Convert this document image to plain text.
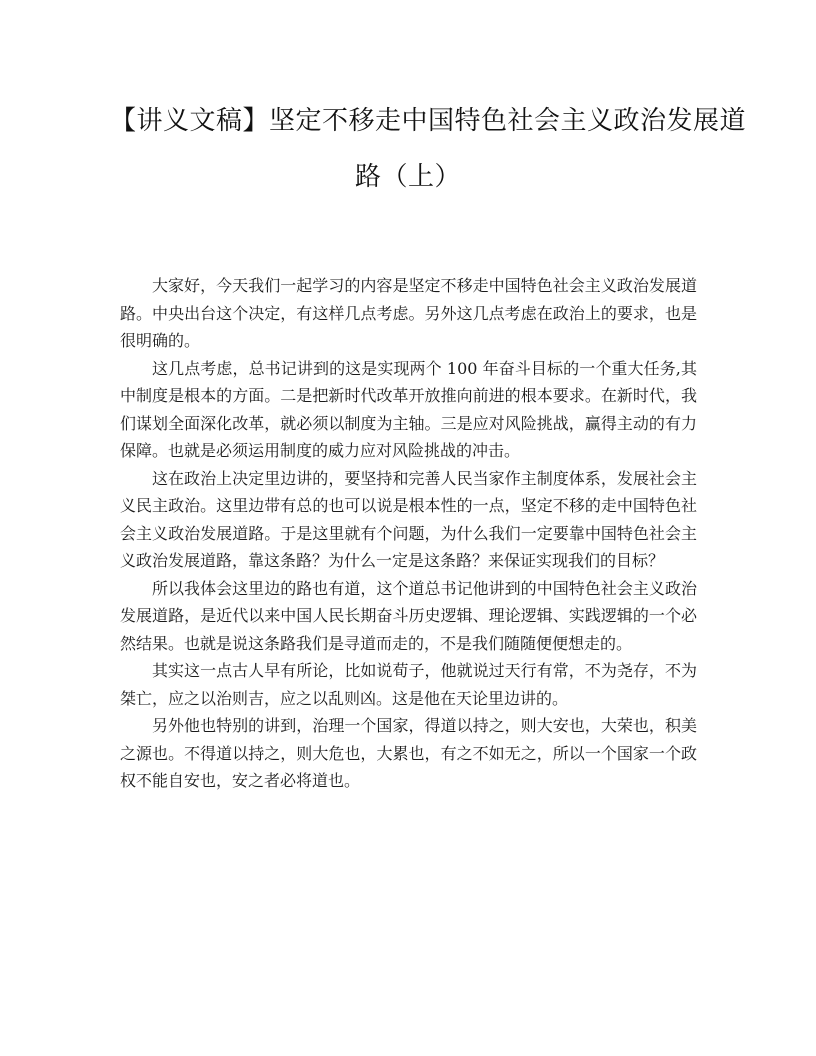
【讲义文稿】坚定不移走中国特色社会主义政治发展道
路（上）

大家好，今天我们一起学习的内容是坚定不移走中国特色社会主义政治发展道路。中央出台这个决定，有这样几点考虑。另外这几点考虑在政治上的要求，也是很明确的。

这几点考虑，总书记讲到的这是实现两个 100 年奋斗目标的一个重大任务,其中制度是根本的方面。二是把新时代改革开放推向前进的根本要求。在新时代，我们谋划全面深化改革，就必须以制度为主轴。三是应对风险挑战，赢得主动的有力保障。也就是必须运用制度的威力应对风险挑战的冲击。

这在政治上决定里边讲的，要坚持和完善人民当家作主制度体系，发展社会主义民主政治。这里边带有总的也可以说是根本性的一点，坚定不移的走中国特色社会主义政治发展道路。于是这里就有个问题，为什么我们一定要靠中国特色社会主义政治发展道路，靠这条路？为什么一定是这条路？来保证实现我们的目标？

所以我体会这里边的路也有道，这个道总书记他讲到的中国特色社会主义政治发展道路，是近代以来中国人民长期奋斗历史逻辑、理论逻辑、实践逻辑的一个必然结果。也就是说这条路我们是寻道而走的，不是我们随随便便想走的。

其实这一点古人早有所论，比如说荀子，他就说过天行有常，不为尧存，不为桀亡，应之以治则吉，应之以乱则凶。这是他在天论里边讲的。

另外他也特别的讲到，治理一个国家，得道以持之，则大安也，大荣也，积美之源也。不得道以持之，则大危也，大累也，有之不如无之，所以一个国家一个政权不能自安也，安之者必将道也。
